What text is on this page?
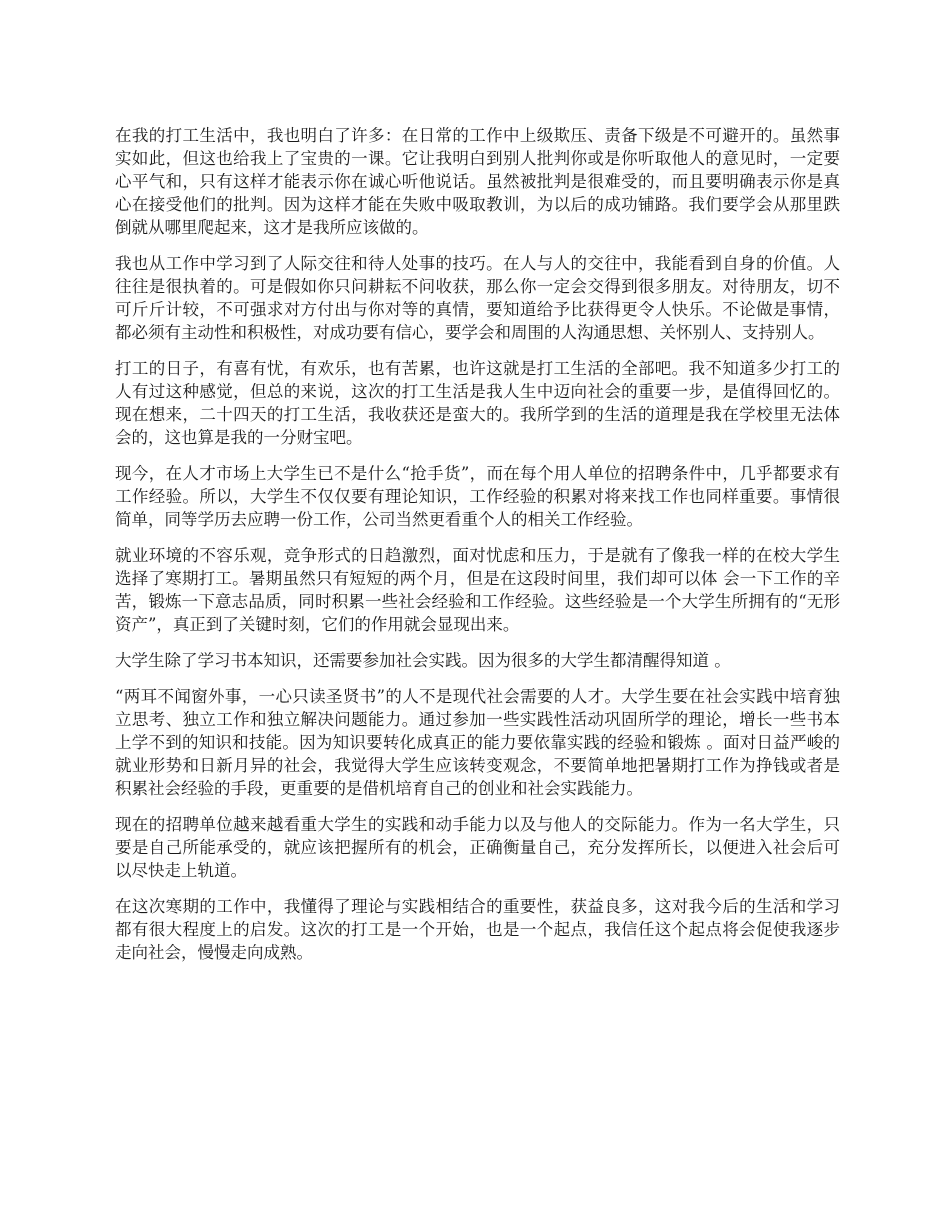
在我的打工生活中，我也明白了许多：在日常的工作中上级欺压、责备下级是不可避开的。虽然事实如此，但这也给我上了宝贵的一课。它让我明白到别人批判你或是你听取他人的意见时，一定要心平气和，只有这样才能表示你在诚心听他说话。虽然被批判是很难受的，而且要明确表示你是真心在接受他们的批判。因为这样才能在失败中吸取教训，为以后的成功铺路。我们要学会从那里跌倒就从哪里爬起来，这才是我所应该做的。

我也从工作中学习到了人际交往和待人处事的技巧。在人与人的交往中，我能看到自身的价值。人往往是很执着的。可是假如你只问耕耘不问收获，那么你一定会交得到很多朋友。对待朋友，切不可斤斤计较，不可强求对方付出与你对等的真情，要知道给予比获得更令人快乐。不论做是事情，都必须有主动性和积极性，对成功要有信心，要学会和周围的人沟通思想、关怀别人、支持别人。

打工的日子，有喜有忧，有欢乐，也有苦累，也许这就是打工生活的全部吧。我不知道多少打工的人有过这种感觉，但总的来说，这次的打工生活是我人生中迈向社会的重要一步，是值得回忆的。现在想来，二十四天的打工生活，我收获还是蛮大的。我所学到的生活的道理是我在学校里无法体会的，这也算是我的一分财宝吧。

现今，在人才市场上大学生已不是什么“抢手货”，而在每个用人单位的招聘条件中，几乎都要求有工作经验。所以，大学生不仅仅要有理论知识，工作经验的积累对将来找工作也同样重要。事情很简单，同等学历去应聘一份工作，公司当然更看重个人的相关工作经验。

就业环境的不容乐观，竞争形式的日趋激烈，面对忧虑和压力，于是就有了像我一样的在校大学生选择了寒期打工。暑期虽然只有短短的两个月，但是在这段时间里，我们却可以体 会一下工作的辛苦，锻炼一下意志品质，同时积累一些社会经验和工作经验。这些经验是一个大学生所拥有的“无形资产”，真正到了关键时刻，它们的作用就会显现出来。

大学生除了学习书本知识，还需要参加社会实践。因为很多的大学生都清醒得知道 。

“两耳不闻窗外事，一心只读圣贤书”的人不是现代社会需要的人才。大学生要在社会实践中培育独立思考、独立工作和独立解决问题能力。通过参加一些实践性活动巩固所学的理论，增长一些书本上学不到的知识和技能。因为知识要转化成真正的能力要依靠实践的经验和锻炼 。面对日益严峻的就业形势和日新月异的社会，我觉得大学生应该转变观念，不要简单地把暑期打工作为挣钱或者是积累社会经验的手段，更重要的是借机培育自己的创业和社会实践能力。

现在的招聘单位越来越看重大学生的实践和动手能力以及与他人的交际能力。作为一名大学生，只要是自己所能承受的，就应该把握所有的机会，正确衡量自己，充分发挥所长，以便进入社会后可以尽快走上轨道。

在这次寒期的工作中，我懂得了理论与实践相结合的重要性，获益良多，这对我今后的生活和学习都有很大程度上的启发。这次的打工是一个开始，也是一个起点，我信任这个起点将会促使我逐步走向社会，慢慢走向成熟。
